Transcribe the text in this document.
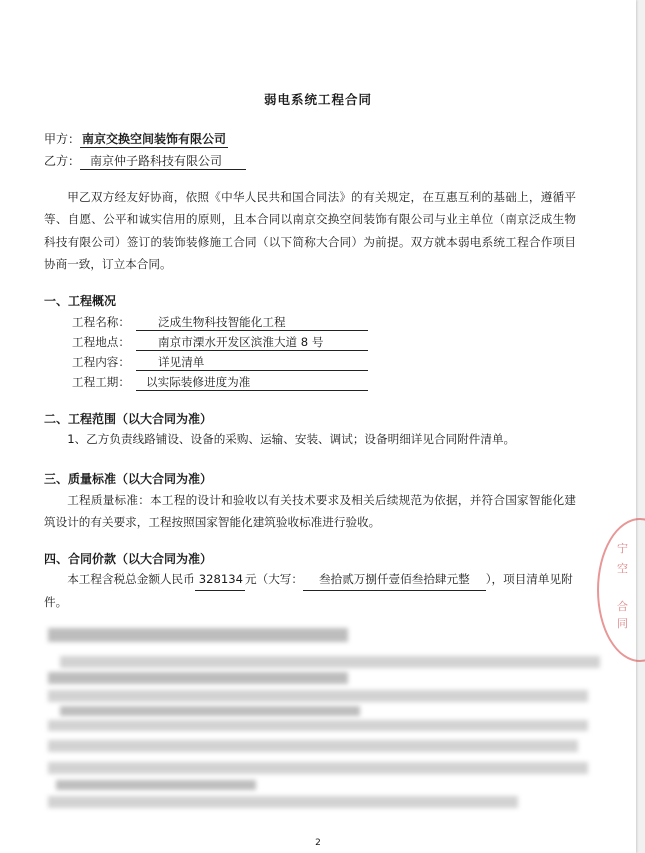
弱电系统工程合同
甲方： 南京交换空间装饰有限公司
乙方： 南京仲子路科技有限公司
甲乙双方经友好协商，依照《中华人民共和国合同法》的有关规定，在互惠互利的基础上，遵循平等、自愿、公平和诚实信用的原则，且本合同以南京交换空间装饰有限公司与业主单位（南京泛成生物科技有限公司）签订的装饰装修施工合同（以下简称大合同）为前提。双方就本弱电系统工程合作项目协商一致，订立本合同。
一、工程概况
工程名称：	泛成生物科技智能化工程
工程地点：	南京市溧水开发区滨淮大道 8 号
工程内容：	详见清单
工程工期：	以实际装修进度为准
二、工程范围（以大合同为准）
1、乙方负责线路铺设、设备的采购、运输、安装、调试；设备明细详见合同附件清单。
三、质量标准（以大合同为准）
工程质量标准：本工程的设计和验收以有关技术要求及相关后续规范为依据，并符合国家智能化建筑设计的有关要求，工程按照国家智能化建筑验收标准进行验收。
四、合同价款（以大合同为准）
本工程含税总金额人民币 328134 元（大写： 叁拾贰万捌仟壹佰叁拾肆元整 ），项目清单见附件。
2
宁
空
合
同
